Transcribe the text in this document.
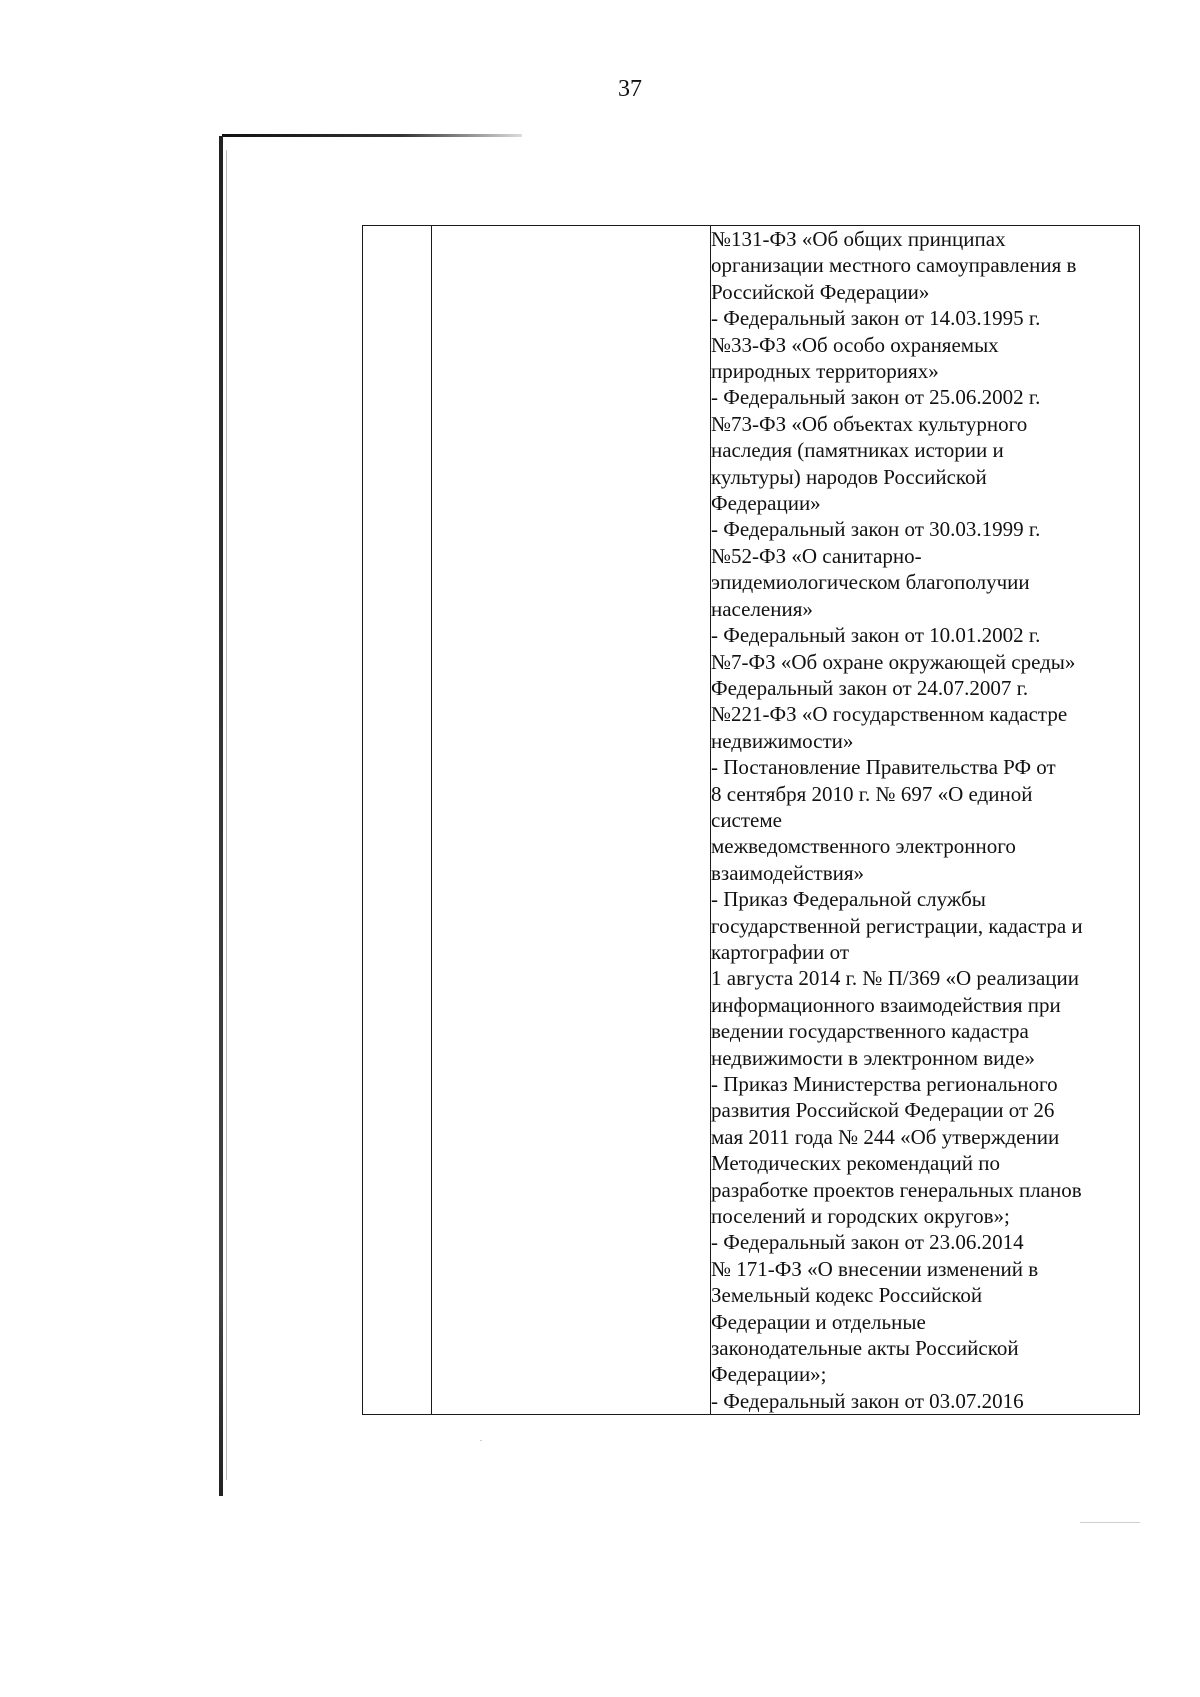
37

№131-ФЗ «Об общих принципах
организации местного самоуправления в
Российской Федерации»
- Федеральный закон от 14.03.1995 г.
№33-ФЗ «Об особо охраняемых
природных территориях»
- Федеральный закон от 25.06.2002 г.
№73-ФЗ «Об объектах культурного
наследия (памятниках истории и
культуры) народов Российской
Федерации»
- Федеральный закон от 30.03.1999 г.
№52-ФЗ «О санитарно-
эпидемиологическом благополучии
населения»
- Федеральный закон от 10.01.2002 г.
№7-ФЗ «Об охране окружающей среды»
Федеральный закон от 24.07.2007 г.
№221-ФЗ «О государственном кадастре
недвижимости»
- Постановление Правительства РФ от
8 сентября 2010 г. № 697 «О единой
системе
межведомственного электронного
взаимодействия»
- Приказ Федеральной службы
государственной регистрации, кадастра и
картографии от
1 августа 2014 г. № П/369 «О реализации
информационного взаимодействия при
ведении государственного кадастра
недвижимости в электронном виде»
- Приказ Министерства регионального
развития Российской Федерации от 26
мая 2011 года № 244 «Об утверждении
Методических рекомендаций по
разработке проектов генеральных планов
поселений и городских округов»;
- Федеральный закон от 23.06.2014
№ 171-ФЗ «О внесении изменений в
Земельный кодекс Российской
Федерации и отдельные
законодательные акты Российской
Федерации»;
- Федеральный закон от 03.07.2016
